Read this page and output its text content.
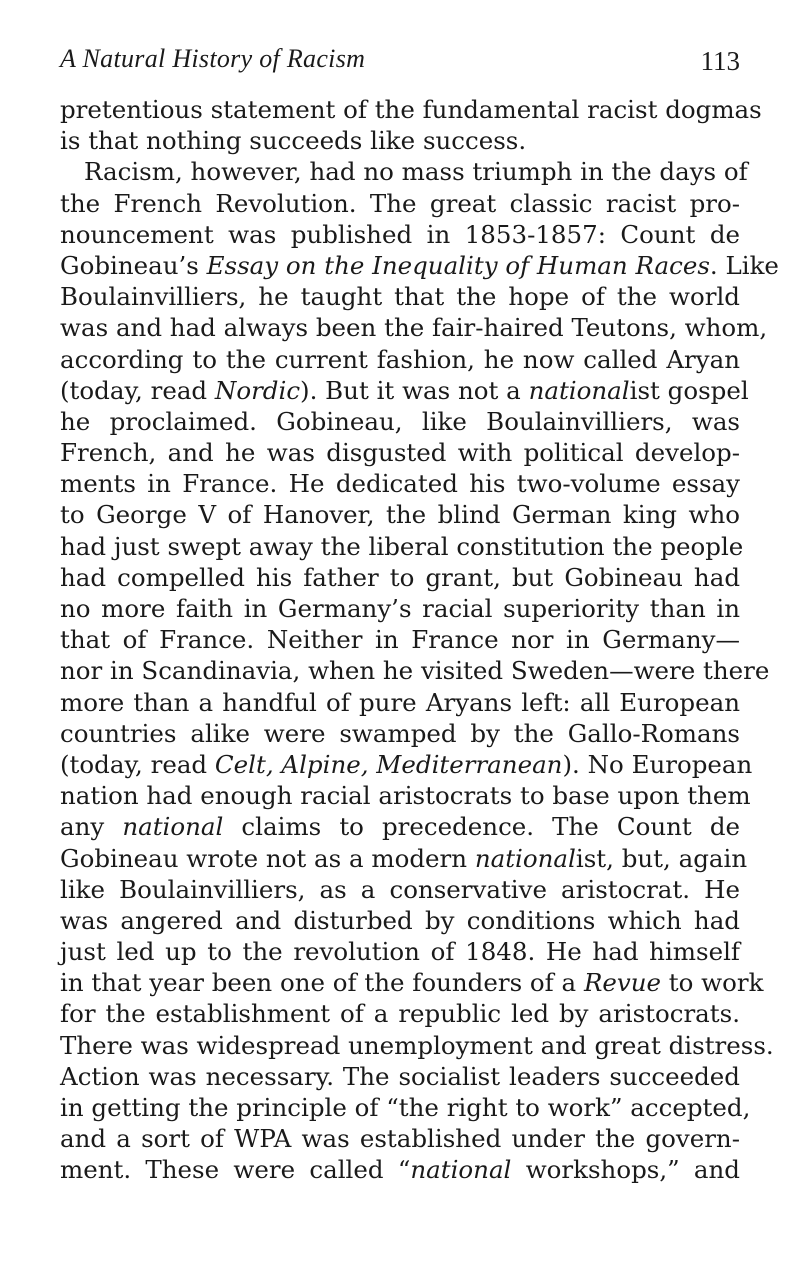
A Natural History of Racism	113
pretentious statement of the fundamental racist dogmas
is that nothing succeeds like success.
Racism, however, had no mass triumph in the days of
the French Revolution. The great classic racist pro-
nouncement was published in 1853-1857: Count de
Gobineau’s Essay on the Inequality of Human Races. Like
Boulainvilliers, he taught that the hope of the world
was and had always been the fair-haired Teutons, whom,
according to the current fashion, he now called Aryan
(today, read Nordic). But it was not a nationalist gospel
he proclaimed. Gobineau, like Boulainvilliers, was
French, and he was disgusted with political develop-
ments in France. He dedicated his two-volume essay
to George V of Hanover, the blind German king who
had just swept away the liberal constitution the people
had compelled his father to grant, but Gobineau had
no more faith in Germany’s racial superiority than in
that of France. Neither in France nor in Germany—
nor in Scandinavia, when he visited Sweden—were there
more than a handful of pure Aryans left: all European
countries alike were swamped by the Gallo-Romans
(today, read Celt, Alpine, Mediterranean). No European
nation had enough racial aristocrats to base upon them
any national claims to precedence. The Count de
Gobineau wrote not as a modern nationalist, but, again
like Boulainvilliers, as a conservative aristocrat. He
was angered and disturbed by conditions which had
just led up to the revolution of 1848. He had himself
in that year been one of the founders of a Revue to work
for the establishment of a republic led by aristocrats.
There was widespread unemployment and great distress.
Action was necessary. The socialist leaders succeeded
in getting the principle of “the right to work” accepted,
and a sort of WPA was established under the govern-
ment. These were called “national workshops,” and
